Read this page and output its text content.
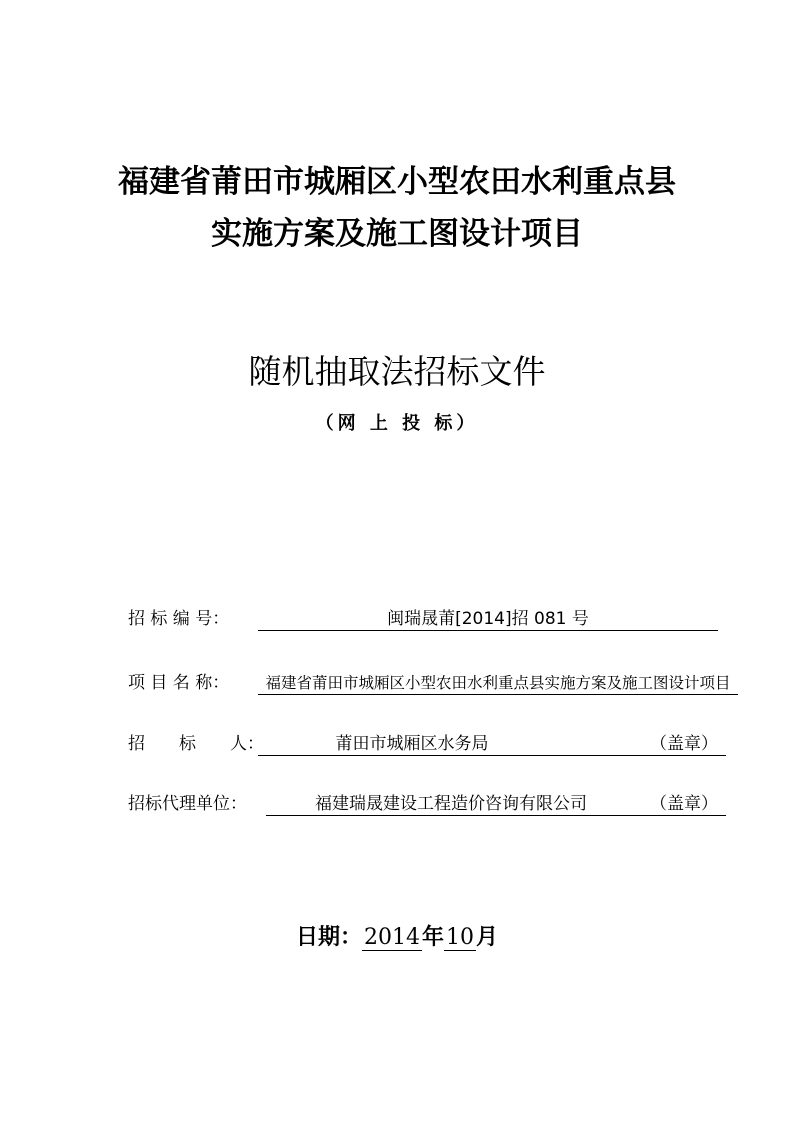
福建省莆田市城厢区小型农田水利重点县
实施方案及施工图设计项目
随机抽取法招标文件
（网 上 投 标）
招 标 编 号：	闽瑞晟莆[2014]招 081 号
项 目 名 称：	福建省莆田市城厢区小型农田水利重点县实施方案及施工图设计项目
招　　标　　人：	莆田市城厢区水务局	（盖章）
招标代理单位：	福建瑞晟建设工程造价咨询有限公司	（盖章）
日期：2014年10月
